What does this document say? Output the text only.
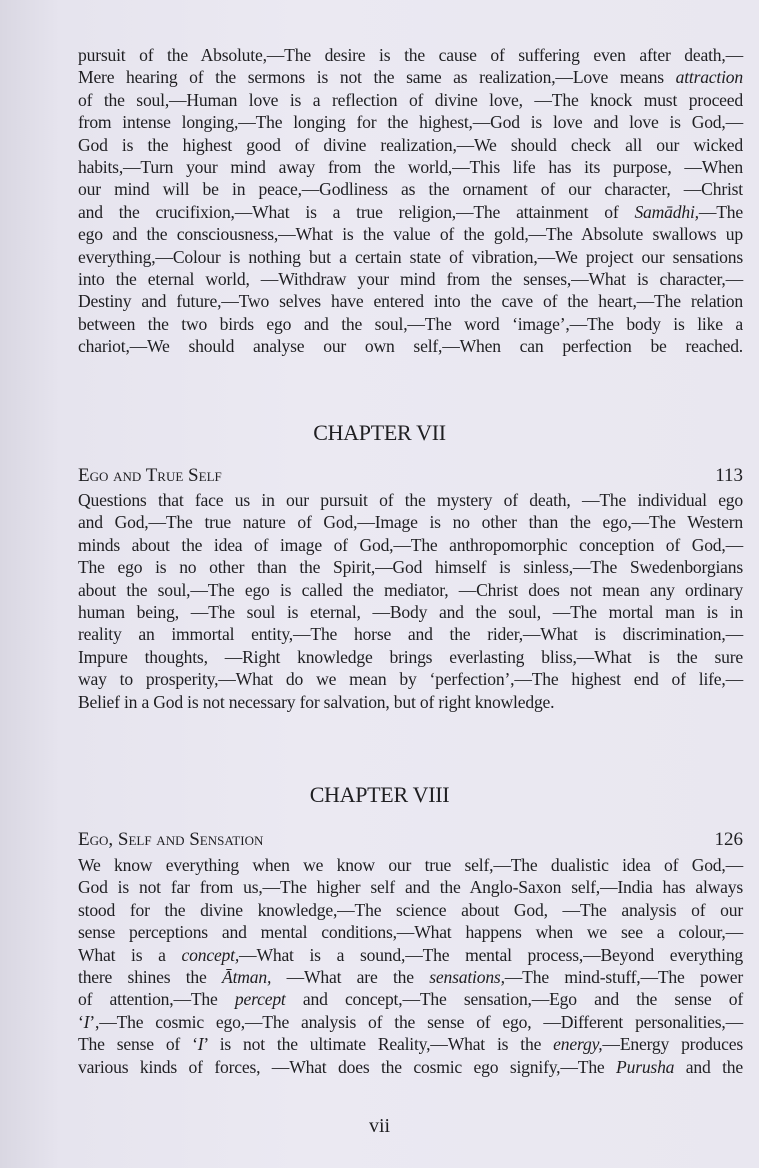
pursuit of the Absolute,—The desire is the cause of suffering even after death,—
Mere hearing of the sermons is not the same as realization,—Love means attraction
of the soul,—Human love is a reflection of divine love, —The knock must proceed
from intense longing,—The longing for the highest,—God is love and love is God,—
God is the highest good of divine realization,—We should check all our wicked
habits,—Turn your mind away from the world,—This life has its purpose, —When
our mind will be in peace,—Godliness as the ornament of our character, —Christ
and the crucifixion,—What is a true religion,—The attainment of Samādhi,—The
ego and the consciousness,—What is the value of the gold,—The Absolute swallows up
everything,—Colour is nothing but a certain state of vibration,—We project our sensations
into the eternal world, —Withdraw your mind from the senses,—What is character,—
Destiny and future,—Two selves have entered into the cave of the heart,—The relation
between the two birds ego and the soul,—The word ‘image’,—The body is like a
chariot,—We should analyse our own self,—When can perfection be reached.
CHAPTER VII
Ego and True Self	113
Questions that face us in our pursuit of the mystery of death, —The individual ego
and God,—The true nature of God,—Image is no other than the ego,—The Western
minds about the idea of image of God,—The anthropomorphic conception of God,—
The ego is no other than the Spirit,—God himself is sinless,—The Swedenborgians
about the soul,—The ego is called the mediator, —Christ does not mean any ordinary
human being, —The soul is eternal, —Body and the soul, —The mortal man is in
reality an immortal entity,—The horse and the rider,—What is discrimination,—
Impure thoughts, —Right knowledge brings everlasting bliss,—What is the sure
way to prosperity,—What do we mean by ‘perfection’,—The highest end of life,—
Belief in a God is not necessary for salvation, but of right knowledge.
CHAPTER VIII
Ego, Self and Sensation	126
We know everything when we know our true self,—The dualistic idea of God,—
God is not far from us,—The higher self and the Anglo-Saxon self,—India has always
stood for the divine knowledge,—The science about God, —The analysis of our
sense perceptions and mental conditions,—What happens when we see a colour,—
What is a concept,—What is a sound,—The mental process,—Beyond everything
there shines the Ātman, —What are the sensations,—The mind-stuff,—The power
of attention,—The percept and concept,—The sensation,—Ego and the sense of
‘I’,—The cosmic ego,—The analysis of the sense of ego, —Different personalities,—
The sense of ‘I’ is not the ultimate Reality,—What is the energy,—Energy produces
various kinds of forces, —What does the cosmic ego signify,—The Purusha and the
vii
